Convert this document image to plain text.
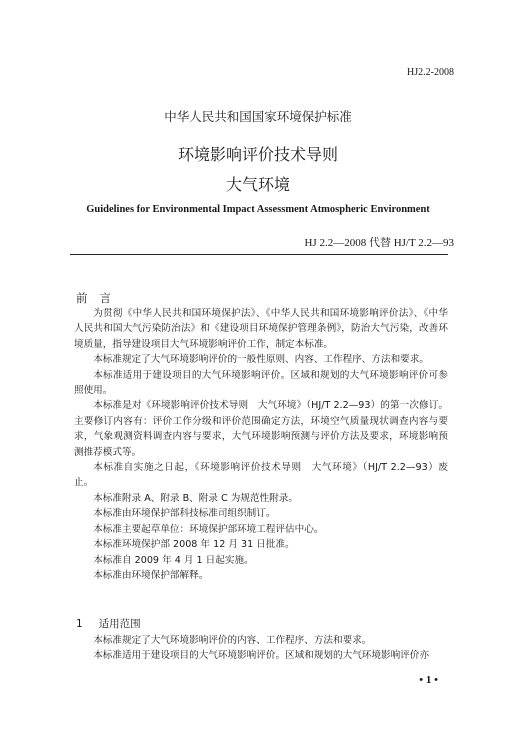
HJ2.2-2008
中华人民共和国国家环境保护标准
环境影响评价技术导则
大气环境
Guidelines for Environmental Impact Assessment Atmospheric Environment
HJ 2.2—2008 代替 HJ/T 2.2—93
前言

为贯彻《中华人民共和国环境保护法》、《中华人民共和国环境影响评价法》、《中华人民共和国大气污染防治法》和《建设项目环境保护管理条例》，防治大气污染，改善环境质量，指导建设项目大气环境影响评价工作，制定本标准。

本标准规定了大气环境影响评价的一般性原则、内容、工作程序、方法和要求。

本标准适用于建设项目的大气环境影响评价。区域和规划的大气环境影响评价可参照使用。

本标准是对《环境影响评价技术导则　大气环境》（HJ/T 2.2—93）的第一次修订。主要修订内容有：评价工作分级和评价范围确定方法，环境空气质量现状调查内容与要求，气象观测资料调查内容与要求，大气环境影响预测与评价方法及要求，环境影响预测推荐模式等。

本标准自实施之日起，《环境影响评价技术导则　大气环境》（HJ/T 2.2—93）废止。

本标准附录 A、附录 B、附录 C 为规范性附录。

本标准由环境保护部科技标准司组织制订。

本标准主要起草单位：环境保护部环境工程评估中心。

本标准环境保护部 2008 年 12 月 31 日批准。

本标准自 2009 年 4 月 1 日起实施。

本标准由环境保护部解释。

1 适用范围

本标准规定了大气环境影响评价的内容、工作程序、方法和要求。

本标准适用于建设项目的大气环境影响评价。区域和规划的大气环境影响评价亦

• 1 •
